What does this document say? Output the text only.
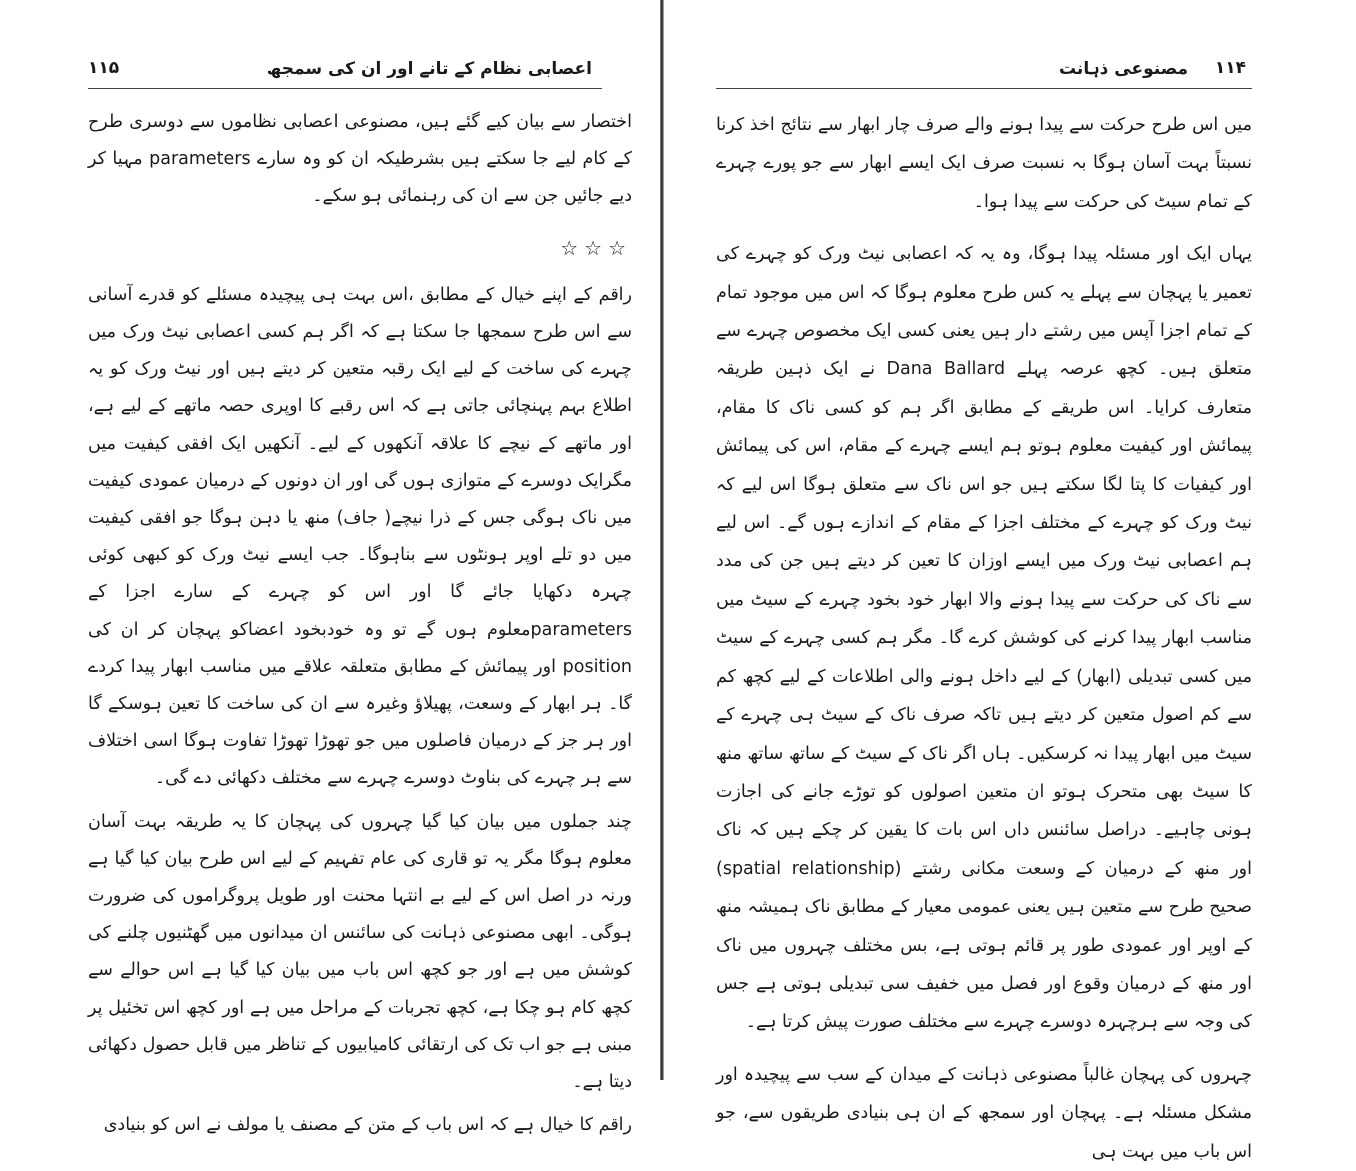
۱۱۵	اعصابی نظام کے تانے اور ان کی سمجھ

اختصار سے بیان کیے گئے ہیں، مصنوعی اعصابی نظاموں سے دوسری طرح کے کام لیے جا سکتے ہیں بشرطیکہ ان کو وہ سارے parameters مہیا کر دیے جائیں جن سے ان کی رہنمائی ہو سکے۔

☆☆☆

راقم کے اپنے خیال کے مطابق ،اس بہت ہی پیچیدہ مسئلے کو قدرے آسانی سے اس طرح سمجھا جا سکتا ہے کہ اگر ہم کسی اعصابی نیٹ ورک میں چہرے کی ساخت کے لیے ایک رقبہ متعین کر دیتے ہیں اور نیٹ ورک کو یہ اطلاع بہم پہنچائی جاتی ہے کہ اس رقبے کا اوپری حصہ ماتھے کے لیے ہے، اور ماتھے کے نیچے کا علاقہ آنکھوں کے لیے۔ آنکھیں ایک افقی کیفیت میں مگرایک دوسرے کے متوازی ہوں گی اور ان دونوں کے درمیان عمودی کیفیت میں ناک ہوگی جس کے ذرا نیچے( جاف) منھ یا دہن ہوگا جو افقی کیفیت میں دو تلے اوپر ہونٹوں سے بناہوگا۔ جب ایسے نیٹ ورک کو کبھی کوئی چہرہ دکھایا جائے گا اور اس کو چہرے کے سارے اجزا کے parametersمعلوم ہوں گے تو وہ خودبخود اعضاکو پہچان کر ان کی position اور پیمائش کے مطابق متعلقہ علاقے میں مناسب ابھار پیدا کردے گا۔ ہر ابھار کے وسعت، پھیلاؤ وغیرہ سے ان کی ساخت کا تعین ہوسکے گا اور ہر جز کے درمیان فاصلوں میں جو تھوڑا تھوڑا تفاوت ہوگا اسی اختلاف سے ہر چہرے کی بناوٹ دوسرے چہرے سے مختلف دکھائی دے گی۔

چند جملوں میں بیان کیا گیا چہروں کی پہچان کا یہ طریقہ بہت آسان معلوم ہوگا مگر یہ تو قاری کی عام تفہیم کے لیے اس طرح بیان کیا گیا ہے ورنہ در اصل اس کے لیے بے انتہا محنت اور طویل پروگراموں کی ضرورت ہوگی۔ ابھی مصنوعی ذہانت کی سائنس ان میدانوں میں گھٹنیوں چلنے کی کوشش میں ہے اور جو کچھ اس باب میں بیان کیا گیا ہے اس حوالے سے کچھ کام ہو چکا ہے، کچھ تجربات کے مراحل میں ہے اور کچھ اس تخئیل پر مبنی ہے جو اب تک کی ارتقائی کامیابیوں کے تناظر میں قابل حصول دکھائی دیتا ہے۔

راقم کا خیال ہے کہ اس باب کے متن کے مصنف یا مولف نے اس کو بنیادی

۱۱۴
مصنوعی ذہانت

میں اس طرح حرکت سے پیدا ہونے والے صرف چار ابھار سے نتائج اخذ کرنا نسبتاً بہت آسان ہوگا بہ نسبت صرف ایک ایسے ابھار سے جو پورے چہرے کے تمام سیٹ کی حرکت سے پیدا ہوا۔

یہاں ایک اور مسئلہ پیدا ہوگا، وہ یہ کہ اعصابی نیٹ ورک کو چہرے کی تعمیر یا پہچان سے پہلے یہ کس طرح معلوم ہوگا کہ اس میں موجود تمام کے تمام اجزا آپس میں رشتے دار ہیں یعنی کسی ایک مخصوص چہرے سے متعلق ہیں۔ کچھ عرصہ پہلے Dana Ballard نے ایک ذہین طریقہ متعارف کرایا۔ اس طریقے کے مطابق اگر ہم کو کسی ناک کا مقام، پیمائش اور کیفیت معلوم ہوتو ہم ایسے چہرے کے مقام، اس کی پیمائش اور کیفیات کا پتا لگا سکتے ہیں جو اس ناک سے متعلق ہوگا اس لیے کہ نیٹ ورک کو چہرے کے مختلف اجزا کے مقام کے اندازے ہوں گے۔ اس لیے ہم اعصابی نیٹ ورک میں ایسے اوزان کا تعین کر دیتے ہیں جن کی مدد سے ناک کی حرکت سے پیدا ہونے والا ابھار خود بخود چہرے کے سیٹ میں مناسب ابھار پیدا کرنے کی کوشش کرے گا۔ مگر ہم کسی چہرے کے سیٹ میں کسی تبدیلی (ابھار) کے لیے داخل ہونے والی اطلاعات کے لیے کچھ کم سے کم اصول متعین کر دیتے ہیں تاکہ صرف ناک کے سیٹ ہی چہرے کے سیٹ میں ابھار پیدا نہ کرسکیں۔ ہاں اگر ناک کے سیٹ کے ساتھ ساتھ منھ کا سیٹ بھی متحرک ہوتو ان متعین اصولوں کو توڑے جانے کی اجازت ہونی چاہیے۔ دراصل سائنس داں اس بات کا یقین کر چکے ہیں کہ ناک اور منھ کے درمیان کے وسعت مکانی رشتے (spatial relationship) صحیح طرح سے متعین ہیں یعنی عمومی معیار کے مطابق ناک ہمیشہ منھ کے اوپر اور عمودی طور پر قائم ہوتی ہے، بس مختلف چہروں میں ناک اور منھ کے درمیان وقوع اور فصل میں خفیف سی تبدیلی ہوتی ہے جس کی وجہ سے ہرچہرہ دوسرے چہرے سے مختلف صورت پیش کرتا ہے۔

چہروں کی پہچان غالباً مصنوعی ذہانت کے میدان کے سب سے پیچیدہ اور مشکل مسئلہ ہے۔ پہچان اور سمجھ کے ان ہی بنیادی طریقوں سے، جو اس باب میں بہت ہی
